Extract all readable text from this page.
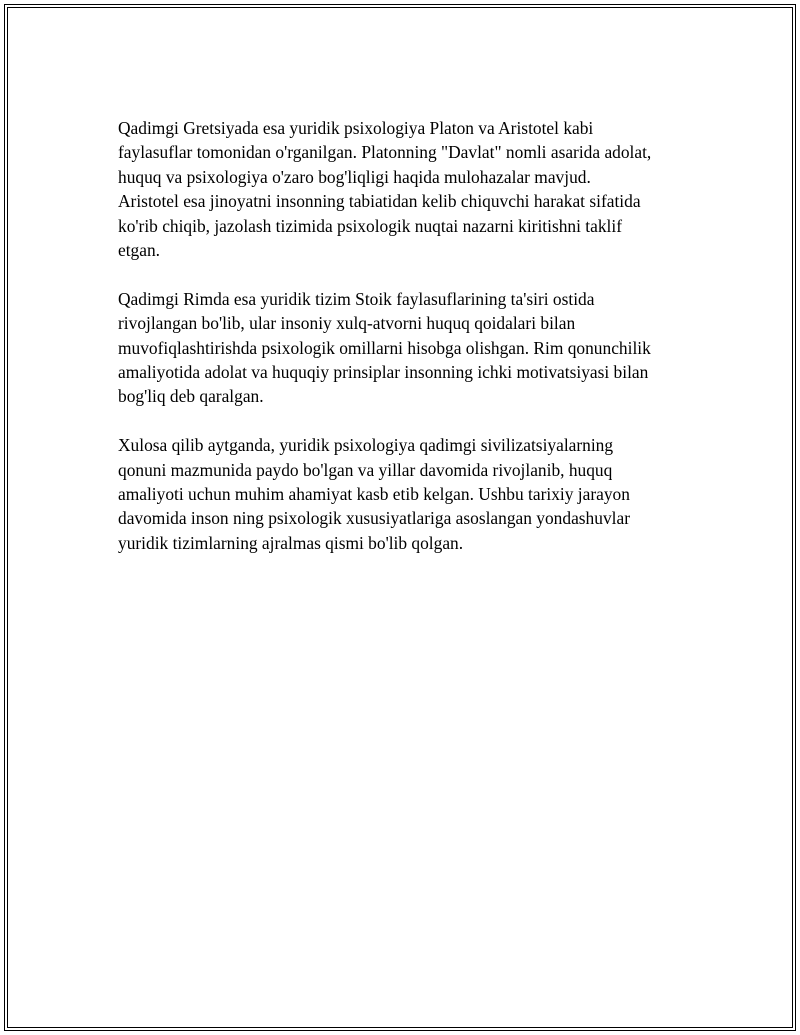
Qadimgi Gretsiyada esa yuridik psixologiya Platon va Aristotel kabi
faylasuflar tomonidan o'rganilgan. Platonning "Davlat" nomli asarida adolat,
huquq va psixologiya o'zaro bog'liqligi haqida mulohazalar mavjud.
Aristotel esa jinoyatni insonning tabiatidan kelib chiquvchi harakat sifatida
ko'rib chiqib, jazolash tizimida psixologik nuqtai nazarni kiritishni taklif
etgan.

Qadimgi Rimda esa yuridik tizim Stoik faylasuflarining ta'siri ostida
rivojlangan bo'lib, ular insoniy xulq-atvorni huquq qoidalari bilan
muvofiqlashtirishda psixologik omillarni hisobga olishgan. Rim qonunchilik
amaliyotida adolat va huquqiy prinsiplar insonning ichki motivatsiyasi bilan
bog'liq deb qaralgan.

Xulosa qilib aytganda, yuridik psixologiya qadimgi sivilizatsiyalarning
qonuni mazmunida paydo bo'lgan va yillar davomida rivojlanib, huquq
amaliyoti uchun muhim ahamiyat kasb etib kelgan. Ushbu tarixiy jarayon
davomida inson ning psixologik xususiyatlariga asoslangan yondashuvlar
yuridik tizimlarning ajralmas qismi bo'lib qolgan.
